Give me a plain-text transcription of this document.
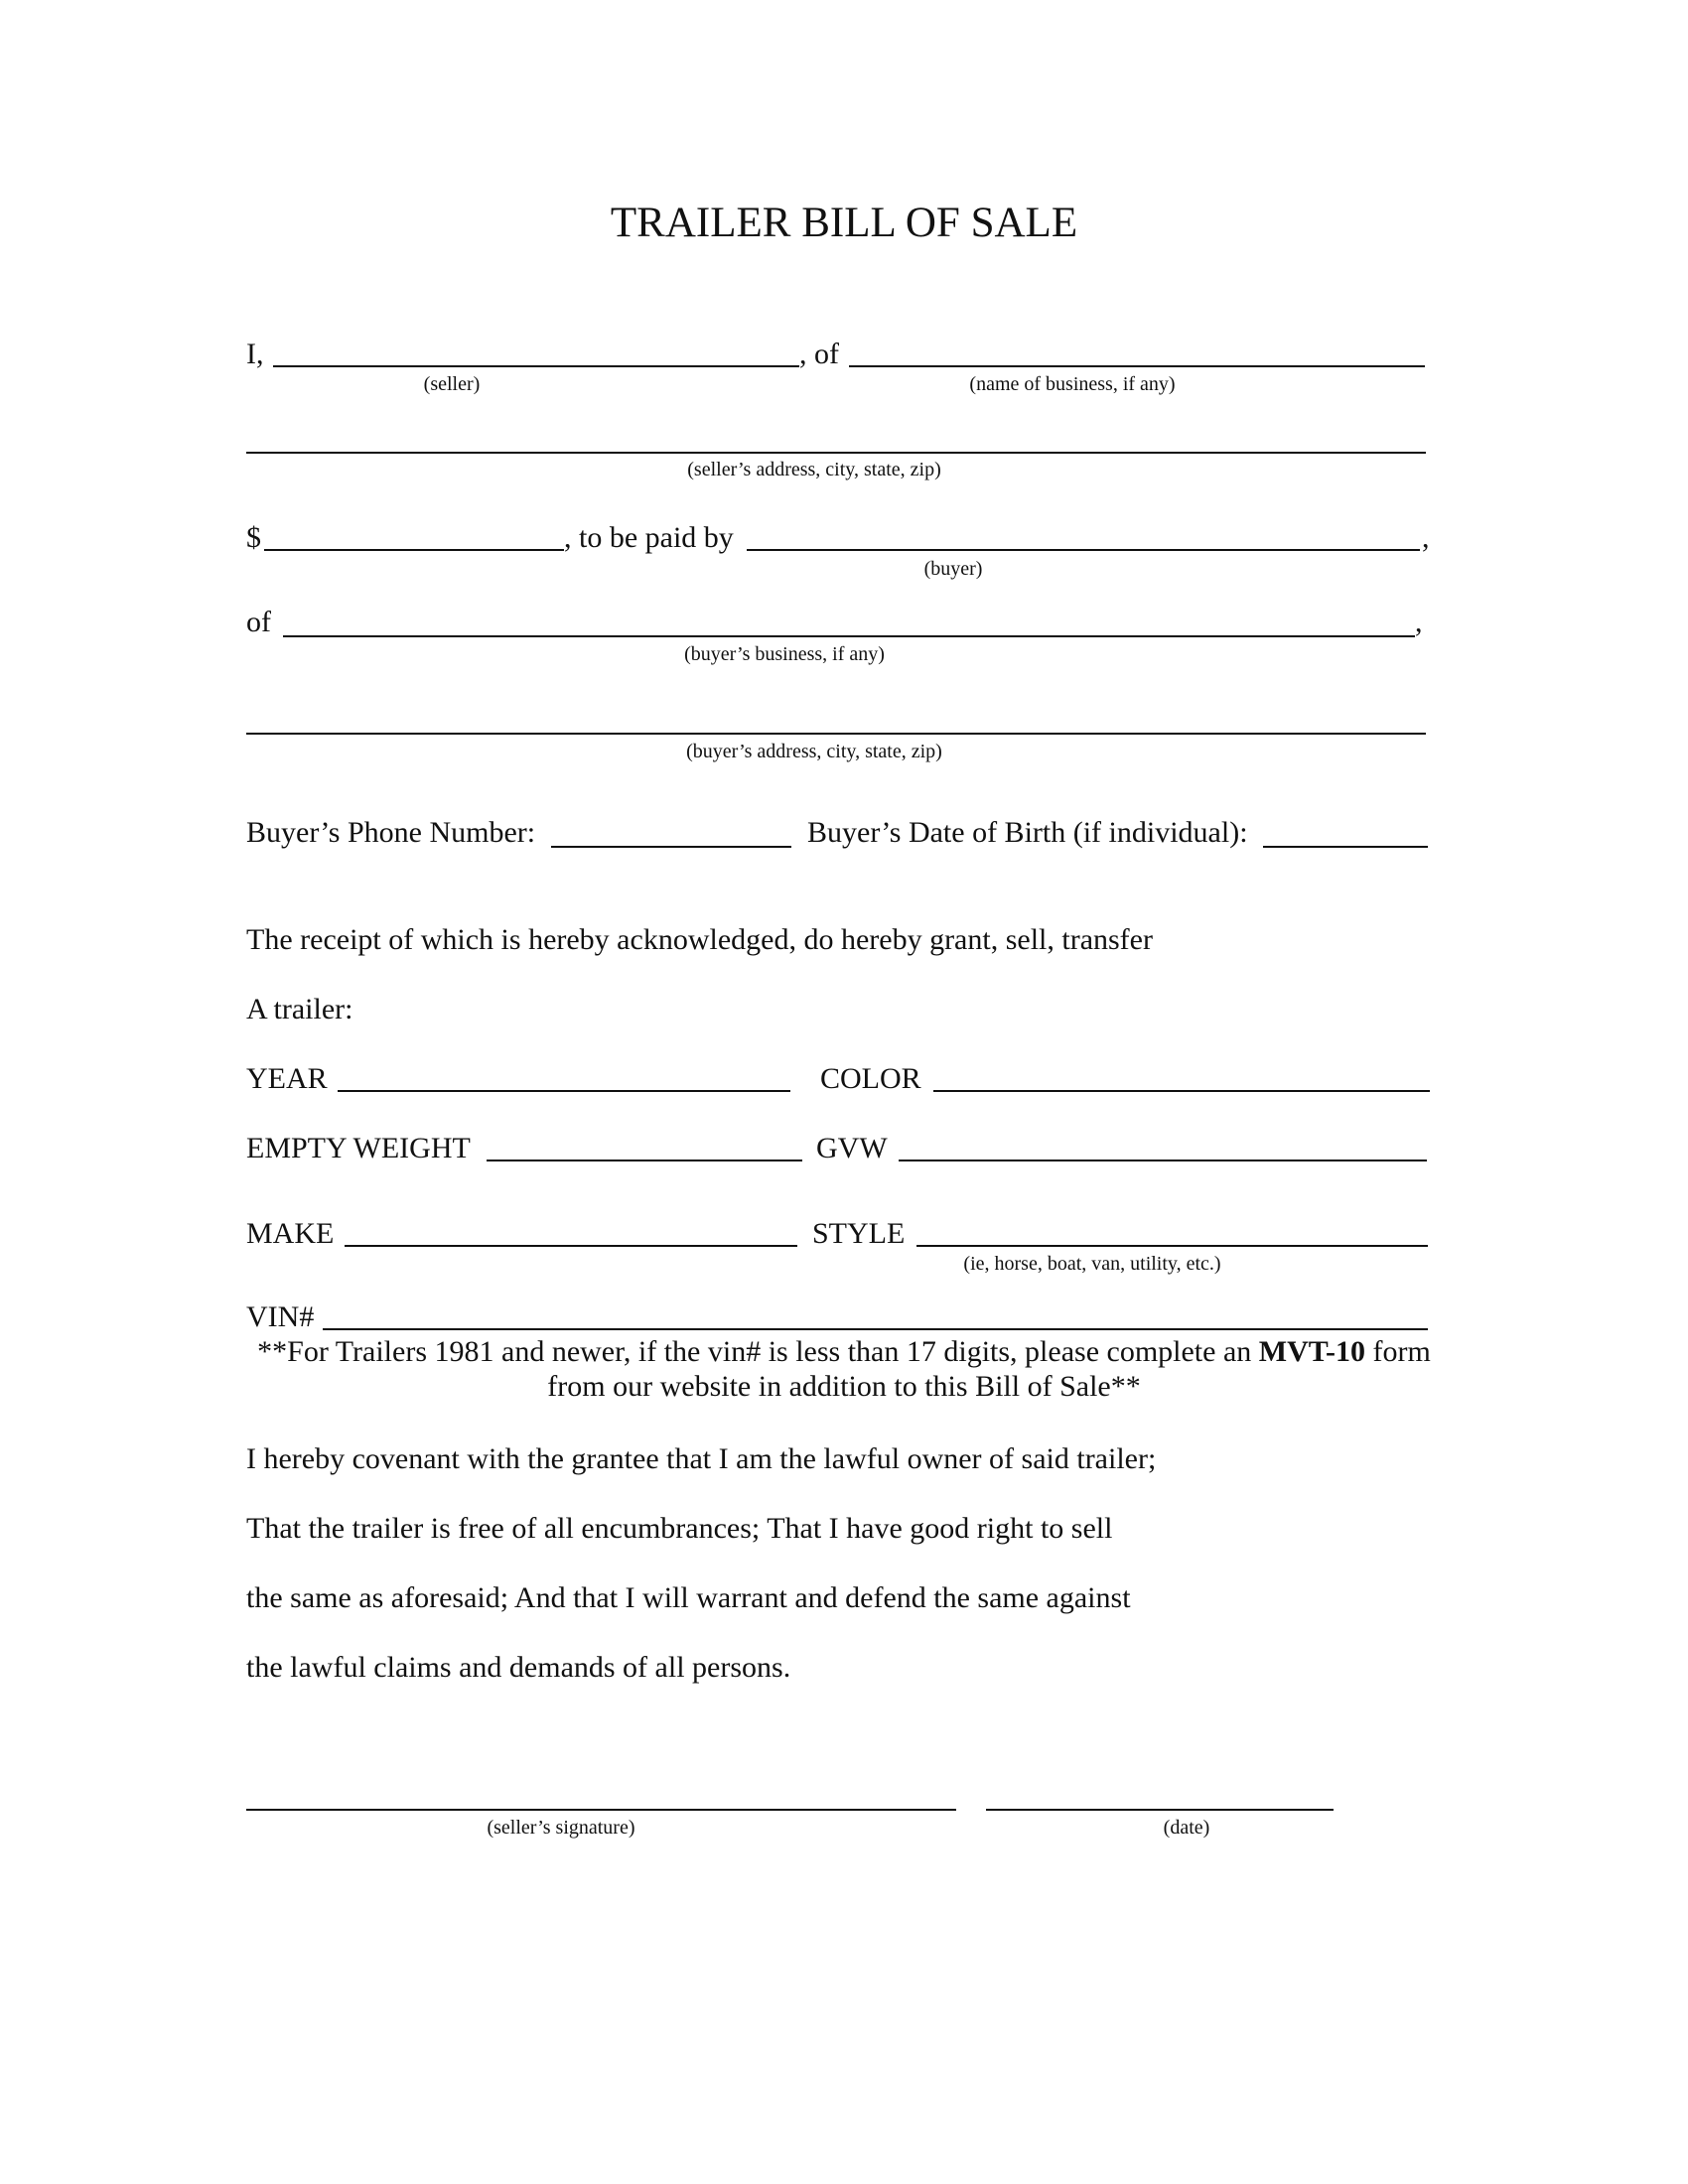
TRAILER BILL OF SALE
I,	, of
(seller)	(name of business, if any)
(seller’s address, city, state, zip)
$	, to be paid by	,
(buyer)
of	,
(buyer’s business, if any)
(buyer’s address, city, state, zip)
Buyer’s Phone Number:	Buyer’s Date of Birth (if individual):
The receipt of which is hereby acknowledged, do hereby grant, sell, transfer
A trailer:
YEAR	COLOR
EMPTY WEIGHT	GVW
MAKE	STYLE
(ie, horse, boat, van, utility, etc.)
VIN#
**For Trailers 1981 and newer, if the vin# is less than 17 digits, please complete an MVT-10 form from our website in addition to this Bill of Sale**
I hereby covenant with the grantee that I am the lawful owner of said trailer;
That the trailer is free of all encumbrances; That I have good right to sell
the same as aforesaid; And that I will warrant and defend the same against
the lawful claims and demands of all persons.
(seller’s signature)	(date)
